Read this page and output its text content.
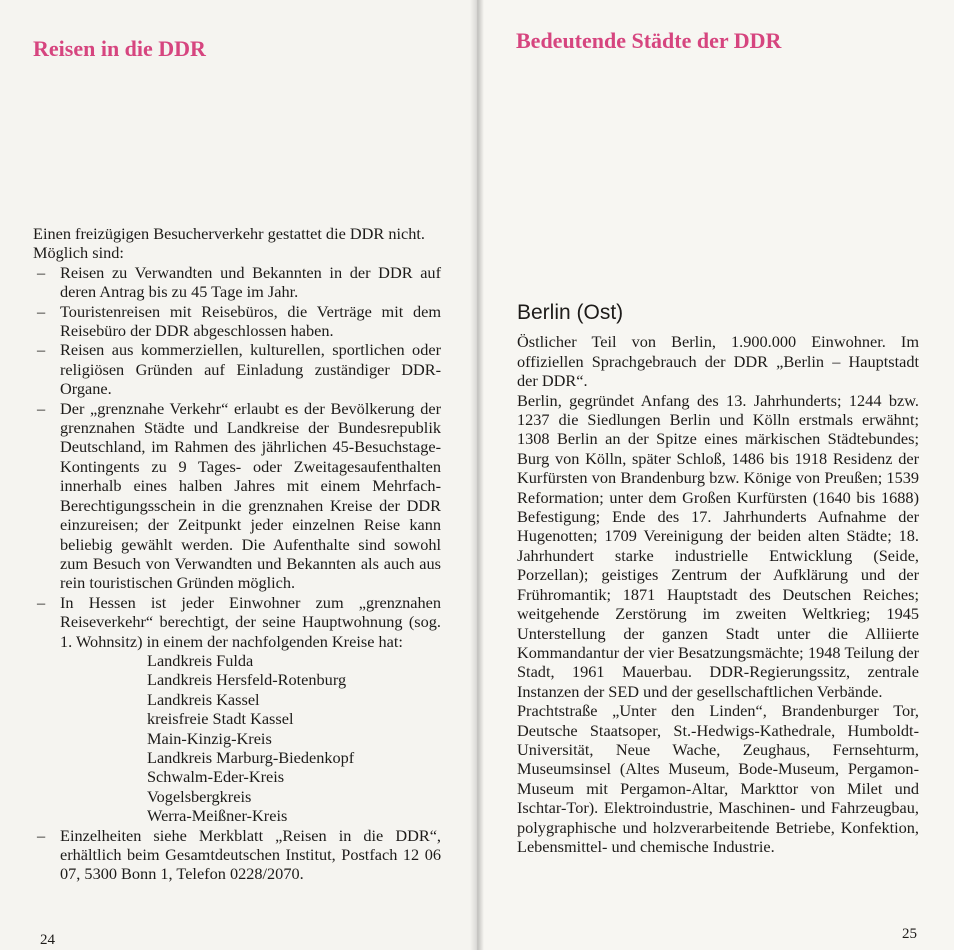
Reisen in die DDR

Einen freizügigen Besucherverkehr gestattet die DDR nicht. Möglich sind:

– Reisen zu Verwandten und Bekannten in der DDR auf deren Antrag bis zu 45 Tage im Jahr.
– Touristenreisen mit Reisebüros, die Verträge mit dem Reisebüro der DDR abgeschlossen haben.
– Reisen aus kommerziellen, kulturellen, sportlichen oder religiösen Gründen auf Einladung zuständiger DDR-Organe.
– Der „grenznahe Verkehr“ erlaubt es der Bevölkerung der grenznahen Städte und Landkreise der Bundesrepublik Deutschland, im Rahmen des jährlichen 45-Besuchstage-Kontingents zu 9 Tages- oder Zweitagesaufenthalten innerhalb eines halben Jahres mit einem Mehrfach-Berechtigungsschein in die grenznahen Kreise der DDR einzureisen; der Zeitpunkt jeder einzelnen Reise kann beliebig gewählt werden. Die Aufenthalte sind sowohl zum Besuch von Verwandten und Bekannten als auch aus rein touristischen Gründen möglich.
– In Hessen ist jeder Einwohner zum „grenznahen Reiseverkehr“ berechtigt, der seine Hauptwohnung (sog. 1. Wohnsitz) in einem der nachfolgenden Kreise hat:
Landkreis Fulda
Landkreis Hersfeld-Rotenburg
Landkreis Kassel
kreisfreie Stadt Kassel
Main-Kinzig-Kreis
Landkreis Marburg-Biedenkopf
Schwalm-Eder-Kreis
Vogelsbergkreis
Werra-Meißner-Kreis
– Einzelheiten siehe Merkblatt „Reisen in die DDR“, erhältlich beim Gesamtdeutschen Institut, Postfach 12 06 07, 5300 Bonn 1, Telefon 0228/2070.
24
Bedeutende Städte der DDR
Berlin (Ost)

Östlicher Teil von Berlin, 1.900.000 Einwohner. Im offiziellen Sprachgebrauch der DDR „Berlin – Hauptstadt der DDR“.

Berlin, gegründet Anfang des 13. Jahrhunderts; 1244 bzw. 1237 die Siedlungen Berlin und Kölln erstmals erwähnt; 1308 Berlin an der Spitze eines märkischen Städtebundes; Burg von Kölln, später Schloß, 1486 bis 1918 Residenz der Kurfürsten von Brandenburg bzw. Könige von Preußen; 1539 Reformation; unter dem Großen Kurfürsten (1640 bis 1688) Befestigung; Ende des 17. Jahrhunderts Aufnahme der Hugenotten; 1709 Vereinigung der beiden alten Städte; 18. Jahrhundert starke industrielle Entwicklung (Seide, Porzellan); geistiges Zentrum der Aufklärung und der Frühromantik; 1871 Hauptstadt des Deutschen Reiches; weitgehende Zerstörung im zweiten Weltkrieg; 1945 Unterstellung der ganzen Stadt unter die Alliierte Kommandantur der vier Besatzungsmächte; 1948 Teilung der Stadt, 1961 Mauerbau. DDR-Regierungssitz, zentrale Instanzen der SED und der gesellschaftlichen Verbände.

Prachtstraße „Unter den Linden“, Brandenburger Tor, Deutsche Staatsoper, St.-Hedwigs-Kathedrale, Humboldt-Universität, Neue Wache, Zeughaus, Fernsehturm, Museumsinsel (Altes Museum, Bode-Museum, Pergamon-Museum mit Pergamon-Altar, Markttor von Milet und Ischtar-Tor). Elektroindustrie, Maschinen- und Fahrzeugbau, polygraphische und holzverarbeitende Betriebe, Konfektion, Lebensmittel- und chemische Industrie.

25
